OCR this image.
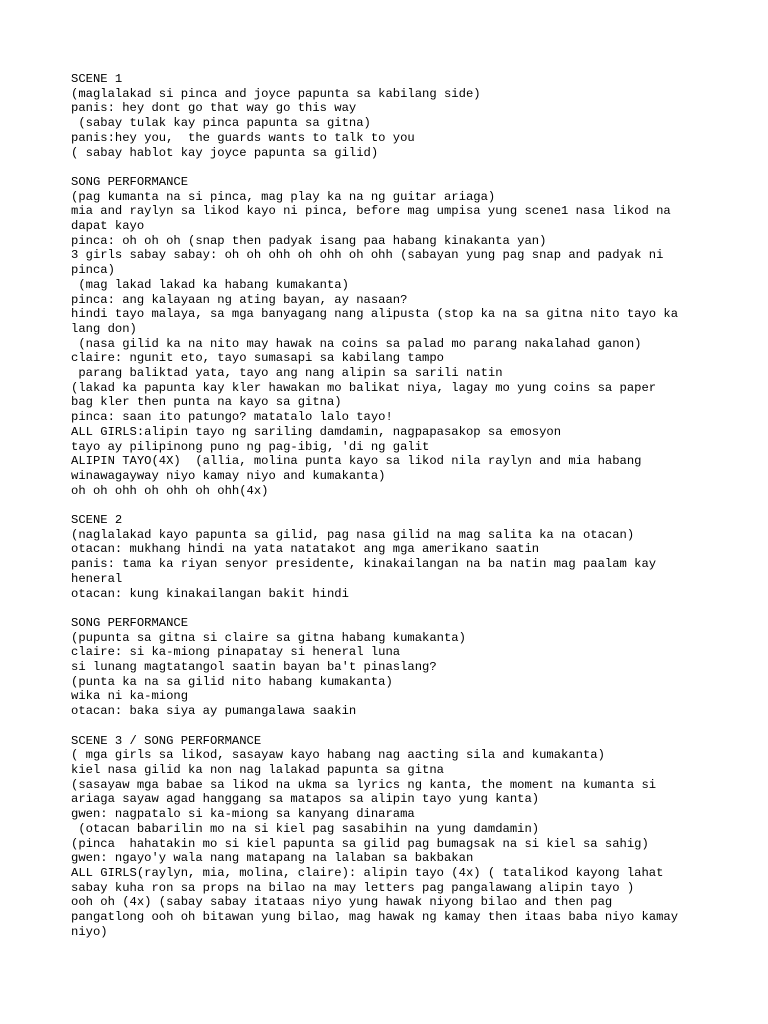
SCENE 1
(maglalakad si pinca and joyce papunta sa kabilang side)
panis: hey dont go that way go this way
(sabay tulak kay pinca papunta sa gitna)
panis:hey you,  the guards wants to talk to you
( sabay hablot kay joyce papunta sa gilid)
SONG PERFORMANCE
(pag kumanta na si pinca, mag play ka na ng guitar ariaga)
mia and raylyn sa likod kayo ni pinca, before mag umpisa yung scene1 nasa likod na
dapat kayo
pinca: oh oh oh (snap then padyak isang paa habang kinakanta yan)
3 girls sabay sabay: oh oh ohh oh ohh oh ohh (sabayan yung pag snap and padyak ni
pinca)
(mag lakad lakad ka habang kumakanta)
pinca: ang kalayaan ng ating bayan, ay nasaan?
hindi tayo malaya, sa mga banyagang nang alipusta (stop ka na sa gitna nito tayo ka
lang don)
(nasa gilid ka na nito may hawak na coins sa palad mo parang nakalahad ganon)
claire: ngunit eto, tayo sumasapi sa kabilang tampo
parang baliktad yata, tayo ang nang alipin sa sarili natin
(lakad ka papunta kay kler hawakan mo balikat niya, lagay mo yung coins sa paper
bag kler then punta na kayo sa gitna)
pinca: saan ito patungo? matatalo lalo tayo!
ALL GIRLS:alipin tayo ng sariling damdamin, nagpapasakop sa emosyon
tayo ay pilipinong puno ng pag-ibig, 'di ng galit
ALIPIN TAYO(4X)  (allia, molina punta kayo sa likod nila raylyn and mia habang
winawagayway niyo kamay niyo and kumakanta)
oh oh ohh oh ohh oh ohh(4x)
SCENE 2
(naglalakad kayo papunta sa gilid, pag nasa gilid na mag salita ka na otacan)
otacan: mukhang hindi na yata natatakot ang mga amerikano saatin
panis: tama ka riyan senyor presidente, kinakailangan na ba natin mag paalam kay
heneral
otacan: kung kinakailangan bakit hindi
SONG PERFORMANCE
(pupunta sa gitna si claire sa gitna habang kumakanta)
claire: si ka-miong pinapatay si heneral luna
si lunang magtatangol saatin bayan ba't pinaslang?
(punta ka na sa gilid nito habang kumakanta)
wika ni ka-miong
otacan: baka siya ay pumangalawa saakin
SCENE 3 / SONG PERFORMANCE
( mga girls sa likod, sasayaw kayo habang nag aacting sila and kumakanta)
kiel nasa gilid ka non nag lalakad papunta sa gitna
(sasayaw mga babae sa likod na ukma sa lyrics ng kanta, the moment na kumanta si
ariaga sayaw agad hanggang sa matapos sa alipin tayo yung kanta)
gwen: nagpatalo si ka-miong sa kanyang dinarama
(otacan babarilin mo na si kiel pag sasabihin na yung damdamin)
(pinca  hahatakin mo si kiel papunta sa gilid pag bumagsak na si kiel sa sahig)
gwen: ngayo'y wala nang matapang na lalaban sa bakbakan
ALL GIRLS(raylyn, mia, molina, claire): alipin tayo (4x) ( tatalikod kayong lahat
sabay kuha ron sa props na bilao na may letters pag pangalawang alipin tayo )
ooh oh (4x) (sabay sabay itataas niyo yung hawak niyong bilao and then pag
pangatlong ooh oh bitawan yung bilao, mag hawak ng kamay then itaas baba niyo kamay
niyo)
